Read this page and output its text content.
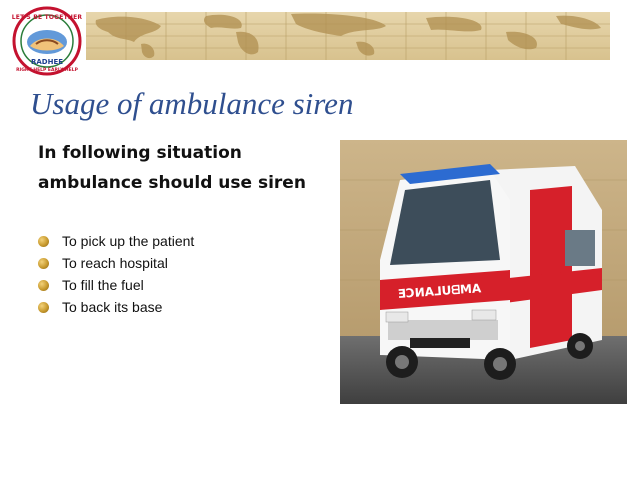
LET'S BE TOGETHER
RADHEE
RIGHT HELP EARLY HELP
Usage of ambulance siren

In following situation ambulance should use siren

To pick up the patient
To reach hospital
To fill the fuel
To back its base
ƎƆИA⅃UᗺMA
